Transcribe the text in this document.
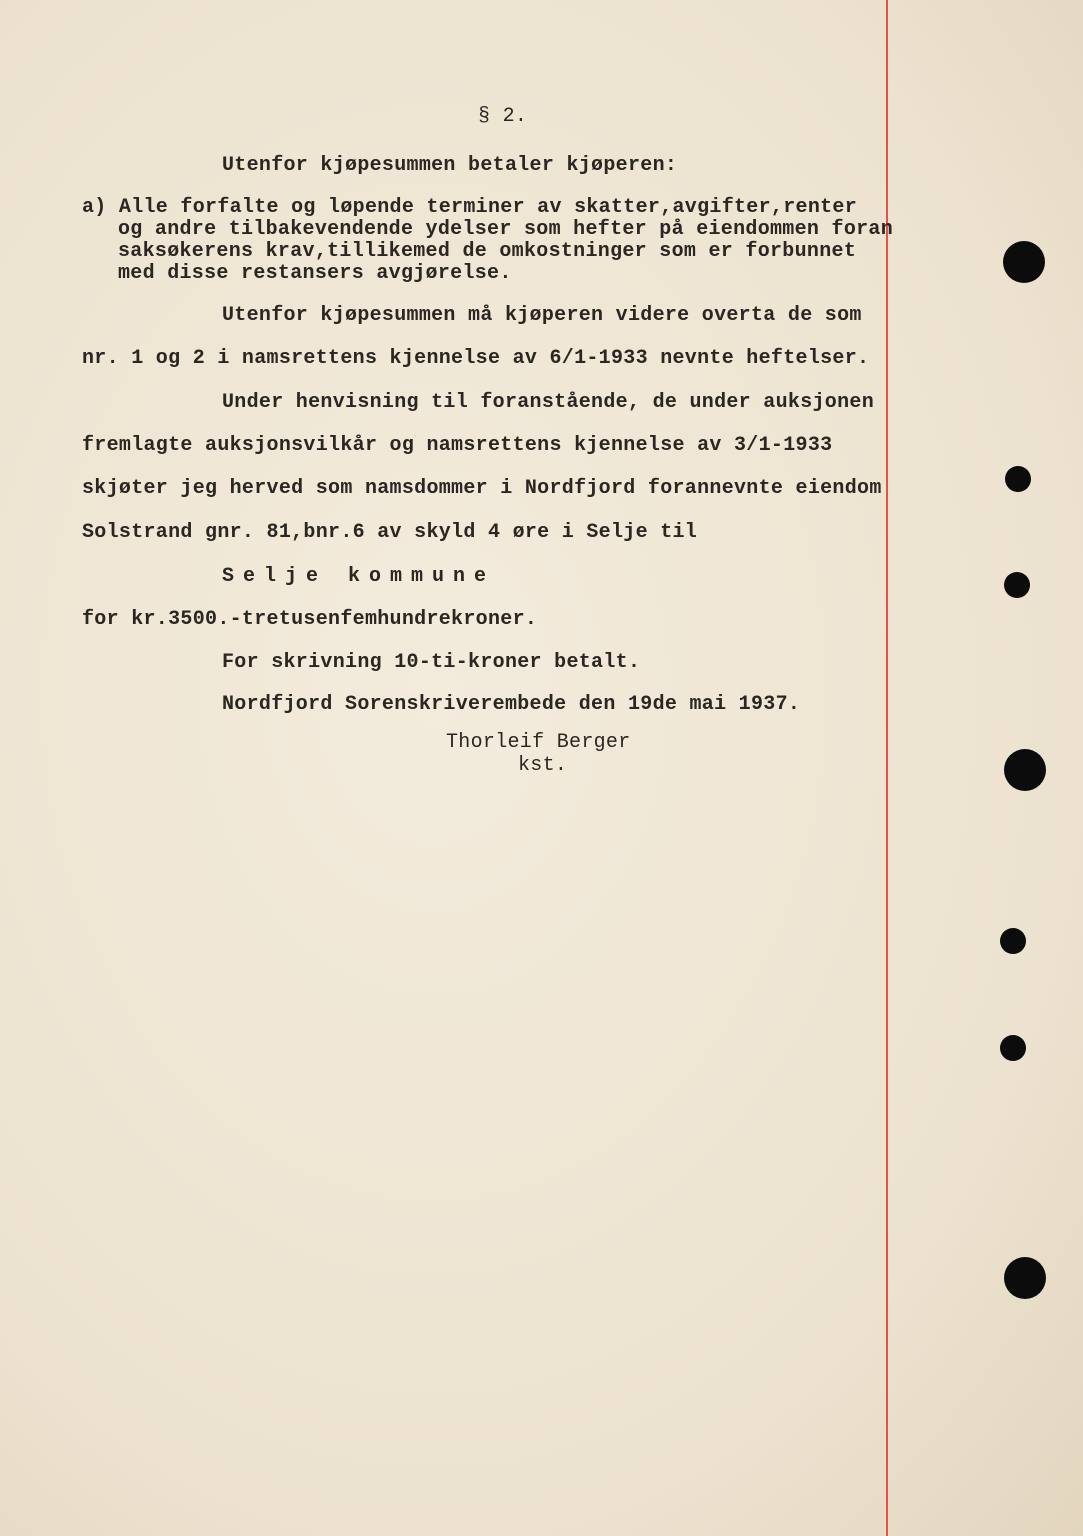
§ 2.
Utenfor kjøpesummen betaler kjøperen:
a) Alle forfalte og løpende terminer av skatter,avgifter,renter
og andre tilbakevendende ydelser som hefter på eiendommen foran
saksøkerens krav,tillikemed de omkostninger som er forbunnet
med disse restansers avgjørelse.
Utenfor kjøpesummen må kjøperen videre overta de som
nr. 1 og 2 i namsrettens kjennelse av 6/1-1933 nevnte heftelser.
Under henvisning til foranstående, de under auksjonen
fremlagte auksjonsvilkår og namsrettens kjennelse av 3/1-1933
skjøter jeg herved som namsdommer i Nordfjord forannevnte eiendom
Solstrand gnr. 81,bnr.6 av skyld 4 øre i Selje til
Selje kommune
for kr.3500.-tretusenfemhundrekroner.
For skrivning 10-ti-kroner betalt.
Nordfjord Sorenskriverembede den 19de mai 1937.
Thorleif Berger
kst.
